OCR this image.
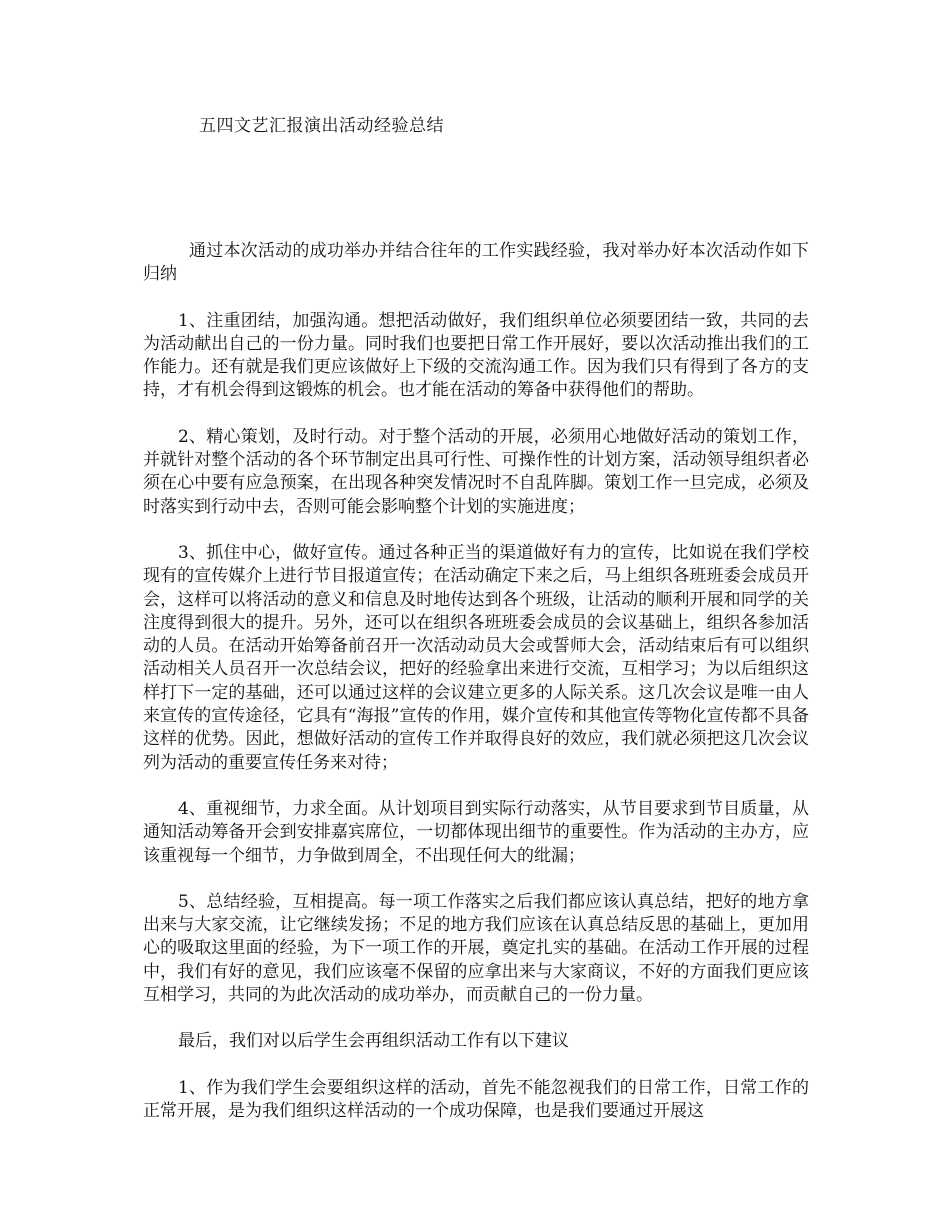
五四文艺汇报演出活动经验总结

通过本次活动的成功举办并结合往年的工作实践经验，我对举办好本次活动作如下归纳

1、注重团结，加强沟通。想把活动做好，我们组织单位必须要团结一致，共同的去为活动献出自己的一份力量。同时我们也要把日常工作开展好，要以次活动推出我们的工作能力。还有就是我们更应该做好上下级的交流沟通工作。因为我们只有得到了各方的支持，才有机会得到这锻炼的机会。也才能在活动的筹备中获得他们的帮助。

2、精心策划，及时行动。对于整个活动的开展，必须用心地做好活动的策划工作，并就针对整个活动的各个环节制定出具可行性、可操作性的计划方案，活动领导组织者必须在心中要有应急预案，在出现各种突发情况时不自乱阵脚。策划工作一旦完成，必须及时落实到行动中去，否则可能会影响整个计划的实施进度；

3、抓住中心，做好宣传。通过各种正当的渠道做好有力的宣传，比如说在我们学校现有的宣传媒介上进行节目报道宣传；在活动确定下来之后，马上组织各班班委会成员开会，这样可以将活动的意义和信息及时地传达到各个班级，让活动的顺利开展和同学的关注度得到很大的提升。另外，还可以在组织各班班委会成员的会议基础上，组织各参加活动的人员。在活动开始筹备前召开一次活动动员大会或誓师大会，活动结束后有可以组织活动相关人员召开一次总结会议，把好的经验拿出来进行交流，互相学习；为以后组织这样打下一定的基础，还可以通过这样的会议建立更多的人际关系。这几次会议是唯一由人来宣传的宣传途径，它具有“海报”宣传的作用，媒介宣传和其他宣传等物化宣传都不具备这样的优势。因此，想做好活动的宣传工作并取得良好的效应，我们就必须把这几次会议列为活动的重要宣传任务来对待；

4、重视细节，力求全面。从计划项目到实际行动落实，从节目要求到节目质量，从通知活动筹备开会到安排嘉宾席位，一切都体现出细节的重要性。作为活动的主办方，应该重视每一个细节，力争做到周全，不出现任何大的纰漏；

5、总结经验，互相提高。每一项工作落实之后我们都应该认真总结，把好的地方拿出来与大家交流，让它继续发扬；不足的地方我们应该在认真总结反思的基础上，更加用心的吸取这里面的经验，为下一项工作的开展，奠定扎实的基础。在活动工作开展的过程中，我们有好的意见，我们应该毫不保留的应拿出来与大家商议，不好的方面我们更应该互相学习，共同的为此次活动的成功举办，而贡献自己的一份力量。

最后，我们对以后学生会再组织活动工作有以下建议

1、作为我们学生会要组织这样的活动，首先不能忽视我们的日常工作，日常工作的正常开展，是为我们组织这样活动的一个成功保障，也是我们要通过开展这
